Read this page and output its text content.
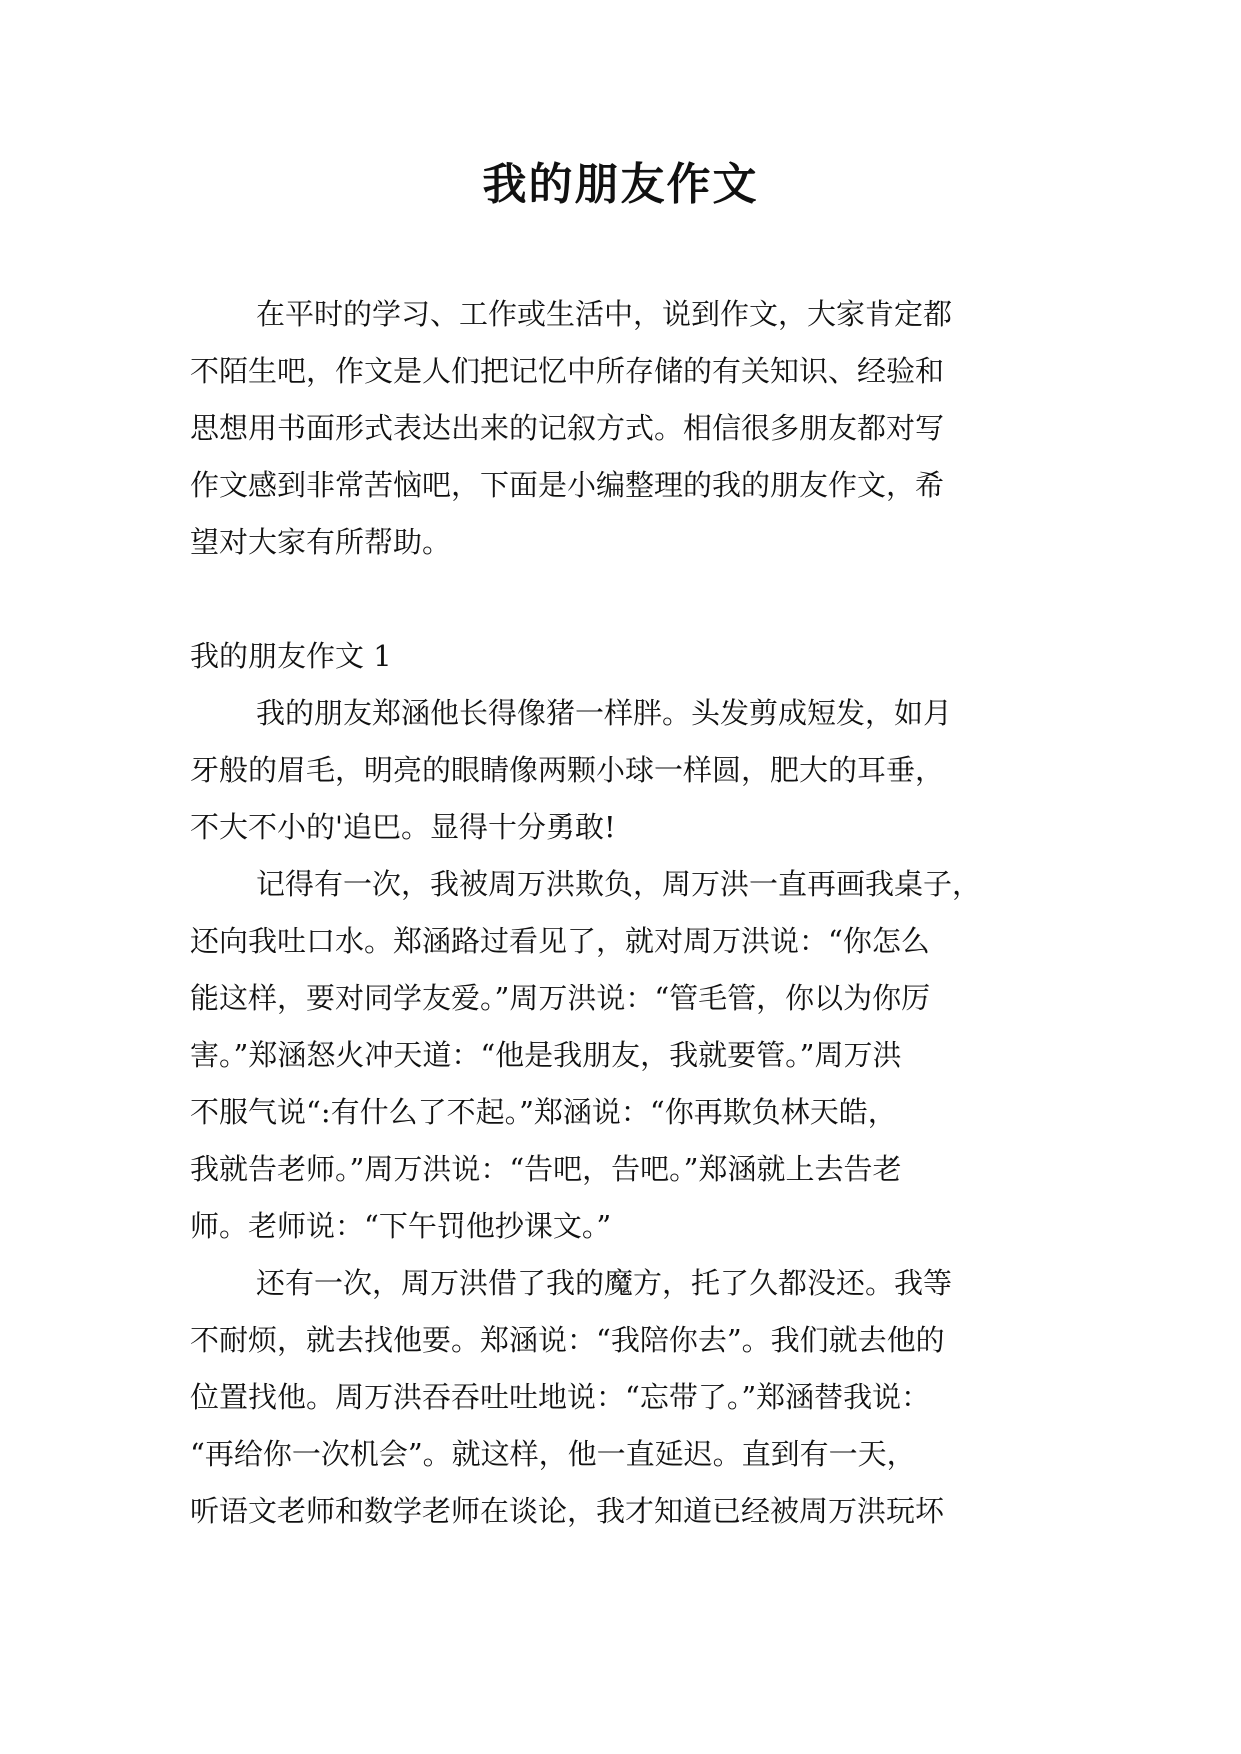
我的朋友作文
在平时的学习、工作或生活中，说到作文，大家肯定都
不陌生吧，作文是人们把记忆中所存储的有关知识、经验和
思想用书面形式表达出来的记叙方式。相信很多朋友都对写
作文感到非常苦恼吧，下面是小编整理的我的朋友作文，希
望对大家有所帮助。
我的朋友作文 1
我的朋友郑涵他长得像猪一样胖。头发剪成短发，如月
牙般的眉毛，明亮的眼睛像两颗小球一样圆，肥大的耳垂，
不大不小的'追巴。显得十分勇敢!
记得有一次，我被周万洪欺负，周万洪一直再画我桌子，
还向我吐口水。郑涵路过看见了，就对周万洪说：“你怎么
能这样，要对同学友爱。”周万洪说：“管毛管，你以为你厉
害。”郑涵怒火冲天道：“他是我朋友，我就要管。”周万洪
不服气说“:有什么了不起。”郑涵说：“你再欺负林天皓，
我就告老师。”周万洪说：“告吧，告吧。”郑涵就上去告老
师。老师说：“下午罚他抄课文。”
还有一次，周万洪借了我的魔方，托了久都没还。我等
不耐烦，就去找他要。郑涵说：“我陪你去”。我们就去他的
位置找他。周万洪吞吞吐吐地说：“忘带了。”郑涵替我说：
“再给你一次机会”。就这样，他一直延迟。直到有一天，
听语文老师和数学老师在谈论，我才知道已经被周万洪玩坏
